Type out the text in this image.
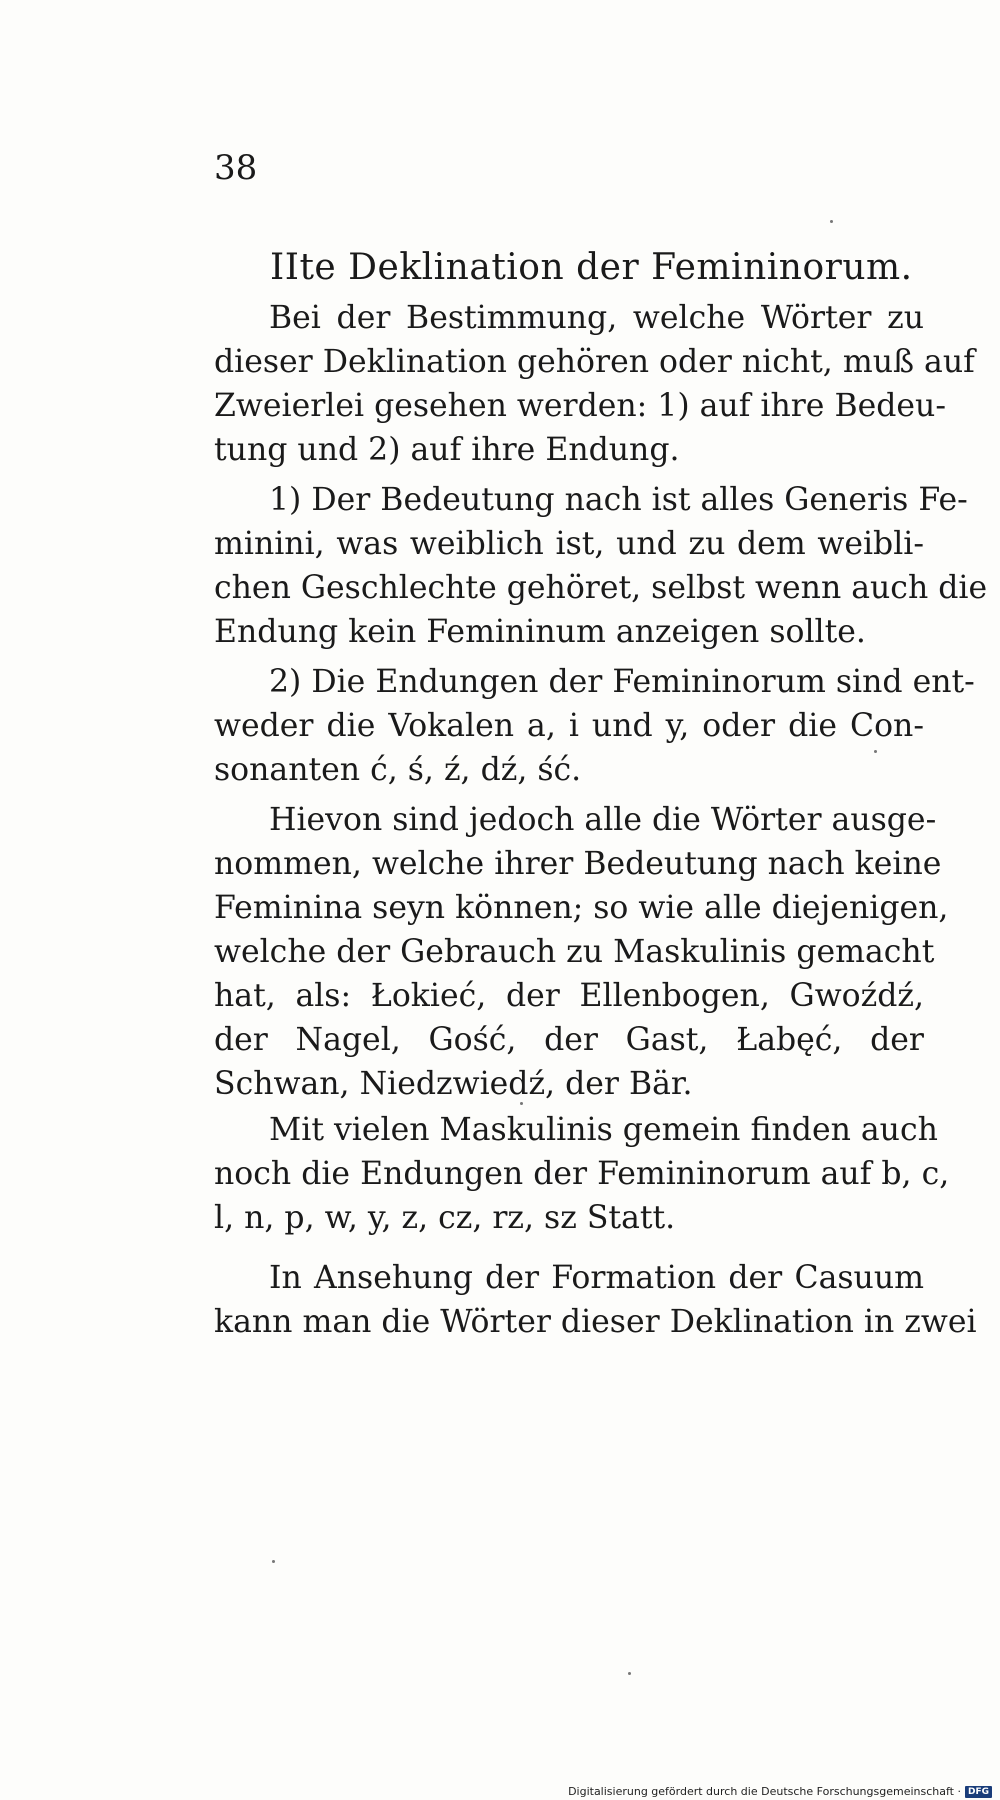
38
IIte Deklination der Femininorum.

Bei der Bestimmung, welche Wörter zu
dieser Deklination gehören oder nicht, muß auf
Zweierlei gesehen werden: 1) auf ihre Bedeu-
tung und 2) auf ihre Endung.

1) Der Bedeutung nach ist alles Generis Fe-
minini, was weiblich ist, und zu dem weibli-
chen Geschlechte gehöret, selbst wenn auch die
Endung kein Femininum anzeigen sollte.

2) Die Endungen der Femininorum sind ent-
weder die Vokalen a, i und y, oder die Con-
sonanten ć, ś, ź, dź, ść.

Hievon sind jedoch alle die Wörter ausge-
nommen, welche ihrer Bedeutung nach keine
Feminina seyn können; so wie alle diejenigen,
welche der Gebrauch zu Maskulinis gemacht
hat, als: Łokieć, der Ellenbogen, Gwoźdź,
der Nagel, Gość, der Gast, Łabęć, der
Schwan, Niedzwiedź, der Bär.

Mit vielen Maskulinis gemein finden auch
noch die Endungen der Femininorum auf b, c,
l, n, p, w, y, z, cz, rz, sz Statt.

In Ansehung der Formation der Casuum
kann man die Wörter dieser Deklination in zwei

Digitalisierung gefördert durch die Deutsche Forschungsgemeinschaft · DFG
